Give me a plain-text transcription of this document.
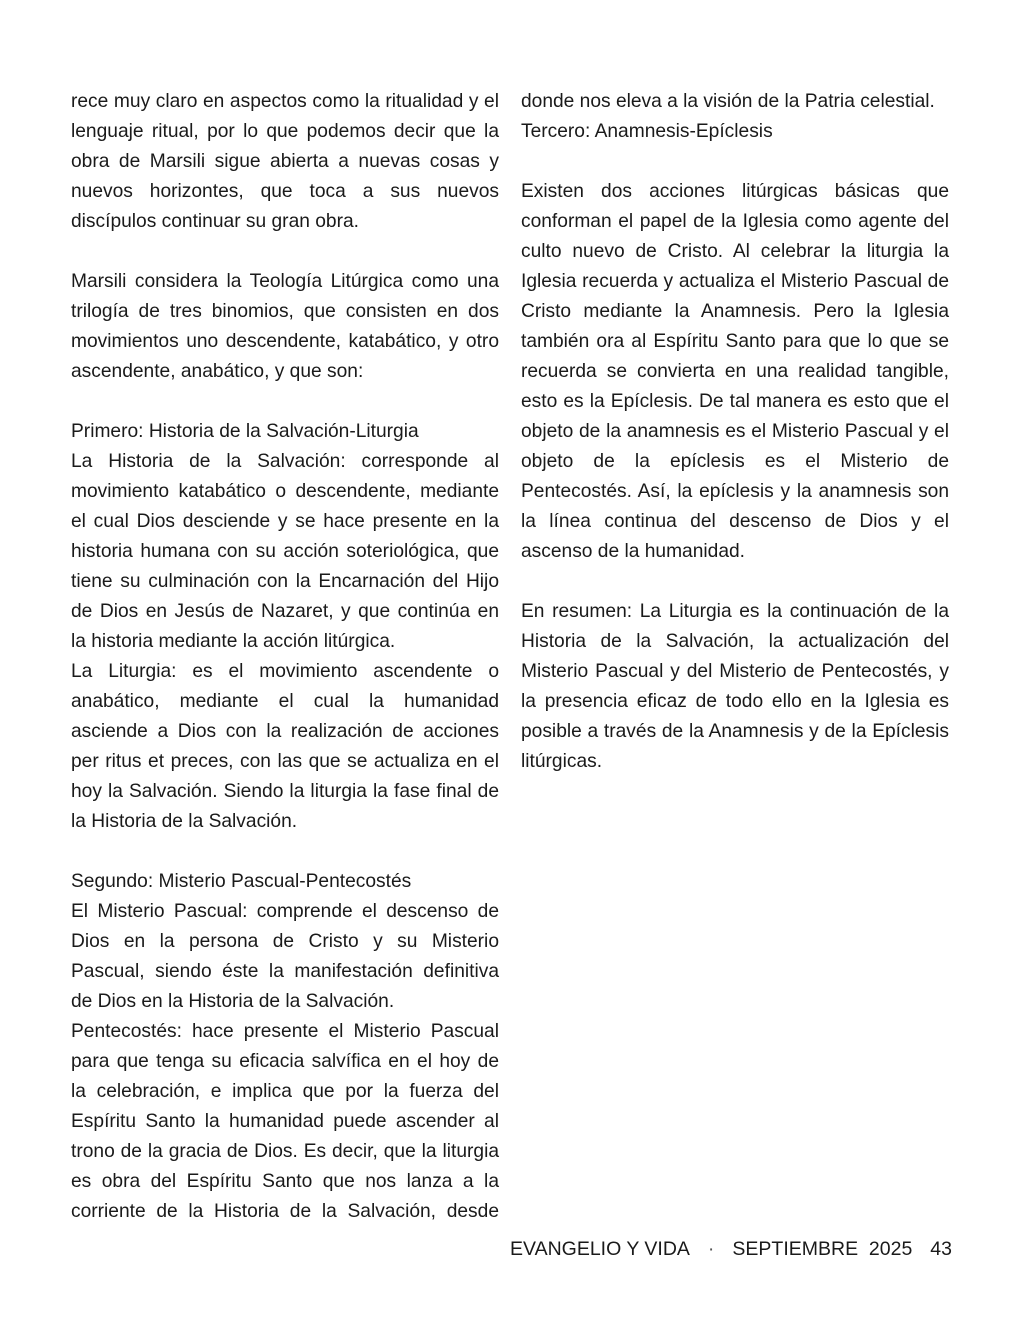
rece muy claro en aspectos como la ritualidad y el lenguaje ritual, por lo que podemos decir que la obra de Marsili sigue abierta a nuevas cosas y nuevos horizontes, que toca a sus nuevos discípulos continuar su gran obra.

Marsili considera la Teología Litúrgica como una trilogía de tres binomios, que consisten en dos movimientos uno descendente, katabático, y otro ascendente, anabático, y que son:

Primero: Historia de la Salvación-Liturgia

La Historia de la Salvación: corresponde al movimiento katabático o descendente, mediante el cual Dios desciende y se hace presente en la historia humana con su acción soteriológica, que tiene su culminación con la Encarnación del Hijo de Dios en Jesús de Nazaret, y que continúa en la historia mediante la acción litúrgica.

La Liturgia: es el movimiento ascendente o anabático, mediante el cual la humanidad asciende a Dios con la realización de acciones per ritus et preces, con las que se actualiza en el hoy la Salvación. Siendo la liturgia la fase final de la Historia de la Salvación.

Segundo: Misterio Pascual-Pentecostés

El Misterio Pascual: comprende el descenso de Dios en la persona de Cristo y su Misterio Pascual, siendo éste la manifestación definitiva de Dios en la Historia de la Salvación.

Pentecostés: hace presente el Misterio Pascual para que tenga su eficacia salvífica en el hoy de la celebración, e implica que por la fuerza del Espíritu Santo la humanidad puede ascender al trono de la gracia de Dios. Es decir, que la liturgia es obra del Espíritu Santo que nos lanza a la corriente de la Historia de la Salvación, desde

donde nos eleva a la visión de la Patria celestial.

Tercero: Anamnesis-Epíclesis

Existen dos acciones litúrgicas básicas que conforman el papel de la Iglesia como agente del culto nuevo de Cristo. Al celebrar la liturgia la Iglesia recuerda y actualiza el Misterio Pascual de Cristo mediante la Anamnesis. Pero la Iglesia también ora al Espíritu Santo para que lo que se recuerda se convierta en una realidad tangible, esto es la Epíclesis. De tal manera es esto que el objeto de la anamnesis es el Misterio Pascual y el objeto de la epíclesis es el Misterio de Pentecostés. Así, la epíclesis y la anamnesis son la línea continua del descenso de Dios y el ascenso de la humanidad.

En resumen: La Liturgia es la continuación de la Historia de la Salvación, la actualización del Misterio Pascual y del Misterio de Pentecostés, y la presencia eficaz de todo ello en la Iglesia es posible a través de la Anamnesis y de la Epíclesis litúrgicas.

EVANGELIO Y VIDA · SEPTIEMBRE  2025 43
